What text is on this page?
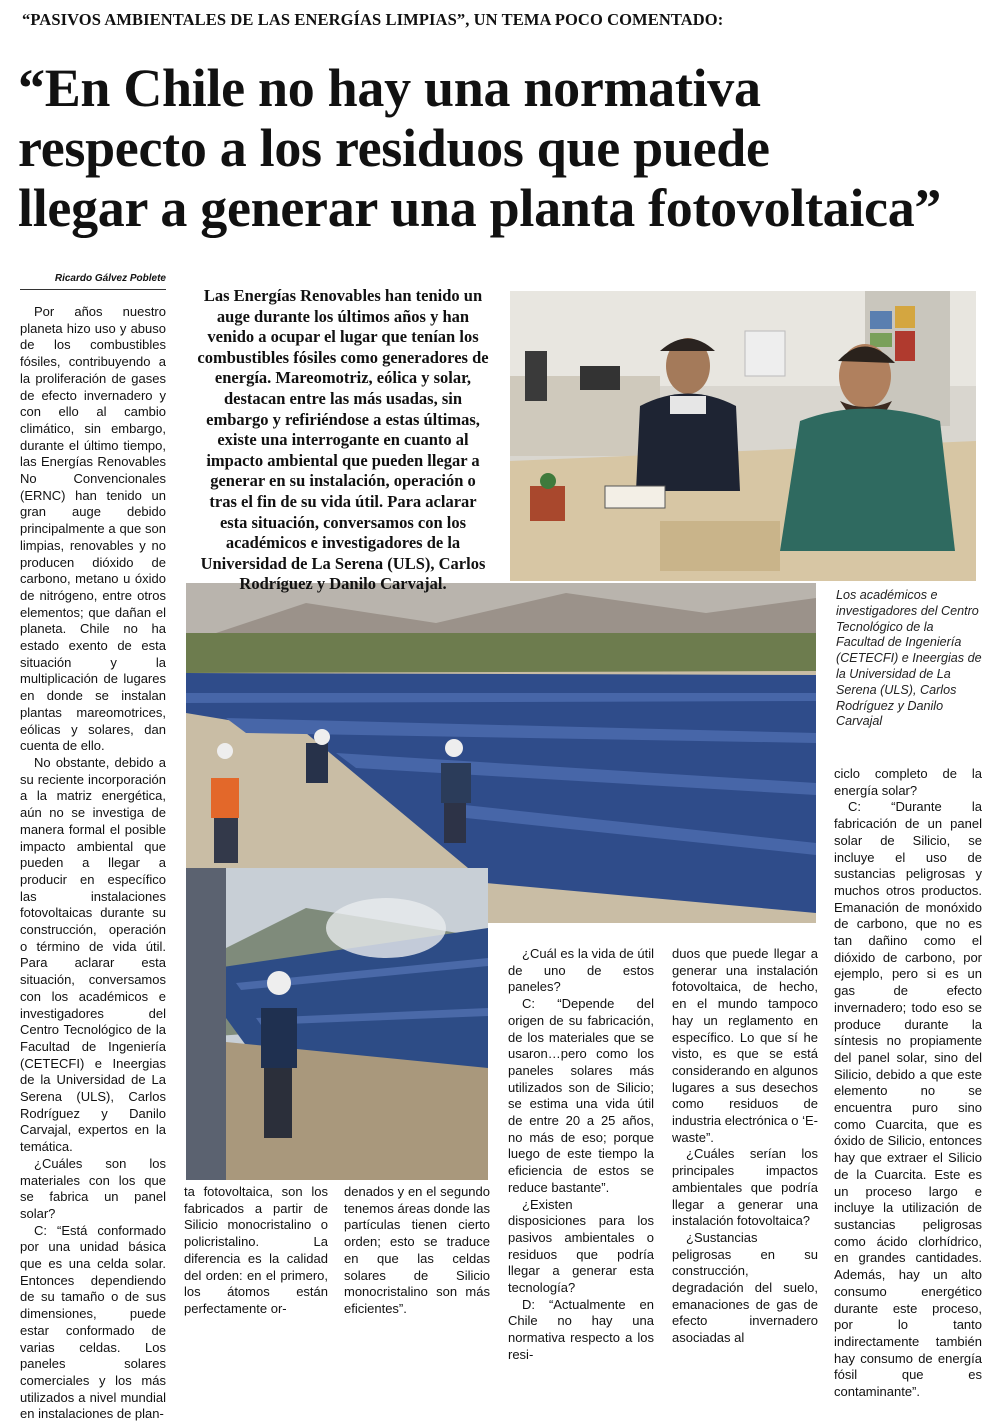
“PASIVOS AMBIENTALES DE LAS ENERGÍAS LIMPIAS”, UN TEMA POCO COMENTADO:
“En Chile no hay una normativa
respecto a los residuos que puede
llegar a generar una planta fotovoltaica”
Ricardo Gálvez Poblete
Las Energías Renovables han tenido un auge durante los últimos años y han venido a ocupar el lugar que tenían los combustibles fósiles como generadores de energía. Mareomotriz, eólica y solar, destacan entre las más usadas, sin embargo y refiriéndose a estas últimas, existe una interrogante en cuanto al impacto ambiental que pueden llegar a generar en su instalación, operación o tras el fin de su vida útil. Para aclarar esta situación, conversamos con los académicos e investigadores de la Universidad de La Serena (ULS), Carlos Rodríguez y Danilo Carvajal.
Los académicos e investigadores del Centro Tecnológico de la Facultad de Ingeniería (CETECFI) e Ineergias de la Universidad de La Serena (ULS), Carlos Rodríguez y Danilo Carvajal

Por años nuestro planeta hizo uso y abuso de los combustibles fósiles, contribuyendo a la proliferación de gases de efecto invernadero y con ello al cambio climático, sin embargo, durante el último tiempo, las Energías Renovables No Convencionales (ERNC) han tenido un gran auge debido principalmente a que son limpias, renovables y no producen dióxido de carbono, metano u óxido de nitrógeno, entre otros elementos; que dañan el planeta. Chile no ha estado exento de esta situación y la multiplicación de lugares en donde se instalan plantas mareomotrices, eólicas y solares, dan cuenta de ello.

No obstante, debido a su reciente incorporación a la matriz energética, aún no se investiga de manera formal el posible impacto ambiental que pueden a llegar a producir en específico las instalaciones fotovoltaicas durante su construcción, operación o término de vida útil. Para aclarar esta situación, conversamos con los académicos e investigadores del Centro Tecnológico de la Facultad de Ingeniería (CETECFI) e Ineergias de la Universidad de La Serena (ULS), Carlos Rodríguez y Danilo Carvajal, expertos en la temática.

¿Cuáles son los materiales con los que se fabrica un panel solar?

C: “Está conformado por una unidad básica que es una celda solar. Entonces dependiendo de su tamaño o de sus dimensiones, puede estar conformado de varias celdas. Los paneles solares comerciales y los más utilizados a nivel mundial en instalaciones de plan-

ta fotovoltaica, son los fabricados a partir de Silicio monocristalino o policristalino. La diferencia es la calidad del orden: en el primero, los átomos están perfectamente or-

denados y en el segundo tenemos áreas donde las partículas tienen cierto orden; esto se traduce en que las celdas solares de Silicio monocristalino son más eficientes”.

¿Cuál es la vida de útil de uno de estos paneles?

C: “Depende del origen de su fabricación, de los materiales que se usaron…pero como los paneles solares más utilizados son de Silicio; se estima una vida útil de entre 20 a 25 años, no más de eso; porque luego de este tiempo la eficiencia de estos se reduce bastante”.

¿Existen disposiciones para los pasivos ambientales o residuos que podría llegar a generar esta tecnología?

D: “Actualmente en Chile no hay una normativa respecto a los resi-

duos que puede llegar a generar una instalación fotovoltaica, de hecho, en el mundo tampoco hay un reglamento en específico. Lo que sí he visto, es que se está considerando en algunos lugares a sus desechos como residuos de industria electrónica o ‘E-waste”.

¿Cuáles serían los principales impactos ambientales que podría llegar a generar una instalación fotovoltaica?

¿Sustancias peligrosas en su construcción, degradación del suelo, emanaciones de gas de efecto invernadero asociadas al

ciclo completo de la energía solar?

C: “Durante la fabricación de un panel solar de Silicio, se incluye el uso de sustancias peligrosas y muchos otros productos. Emanación de monóxido de carbono, que no es tan dañino como el dióxido de carbono, por ejemplo, pero si es un gas de efecto invernadero; todo eso se produce durante la síntesis no propiamente del panel solar, sino del Silicio, debido a que este elemento no se encuentra puro sino como Cuarcita, que es óxido de Silicio, entonces hay que extraer el Silicio de la Cuarcita. Este es un proceso largo e incluye la utilización de sustancias peligrosas como ácido clorhídrico, en grandes cantidades. Además, hay un alto consumo energético durante este proceso, por lo tanto indirectamente también hay consumo de energía fósil que es contaminante”.
